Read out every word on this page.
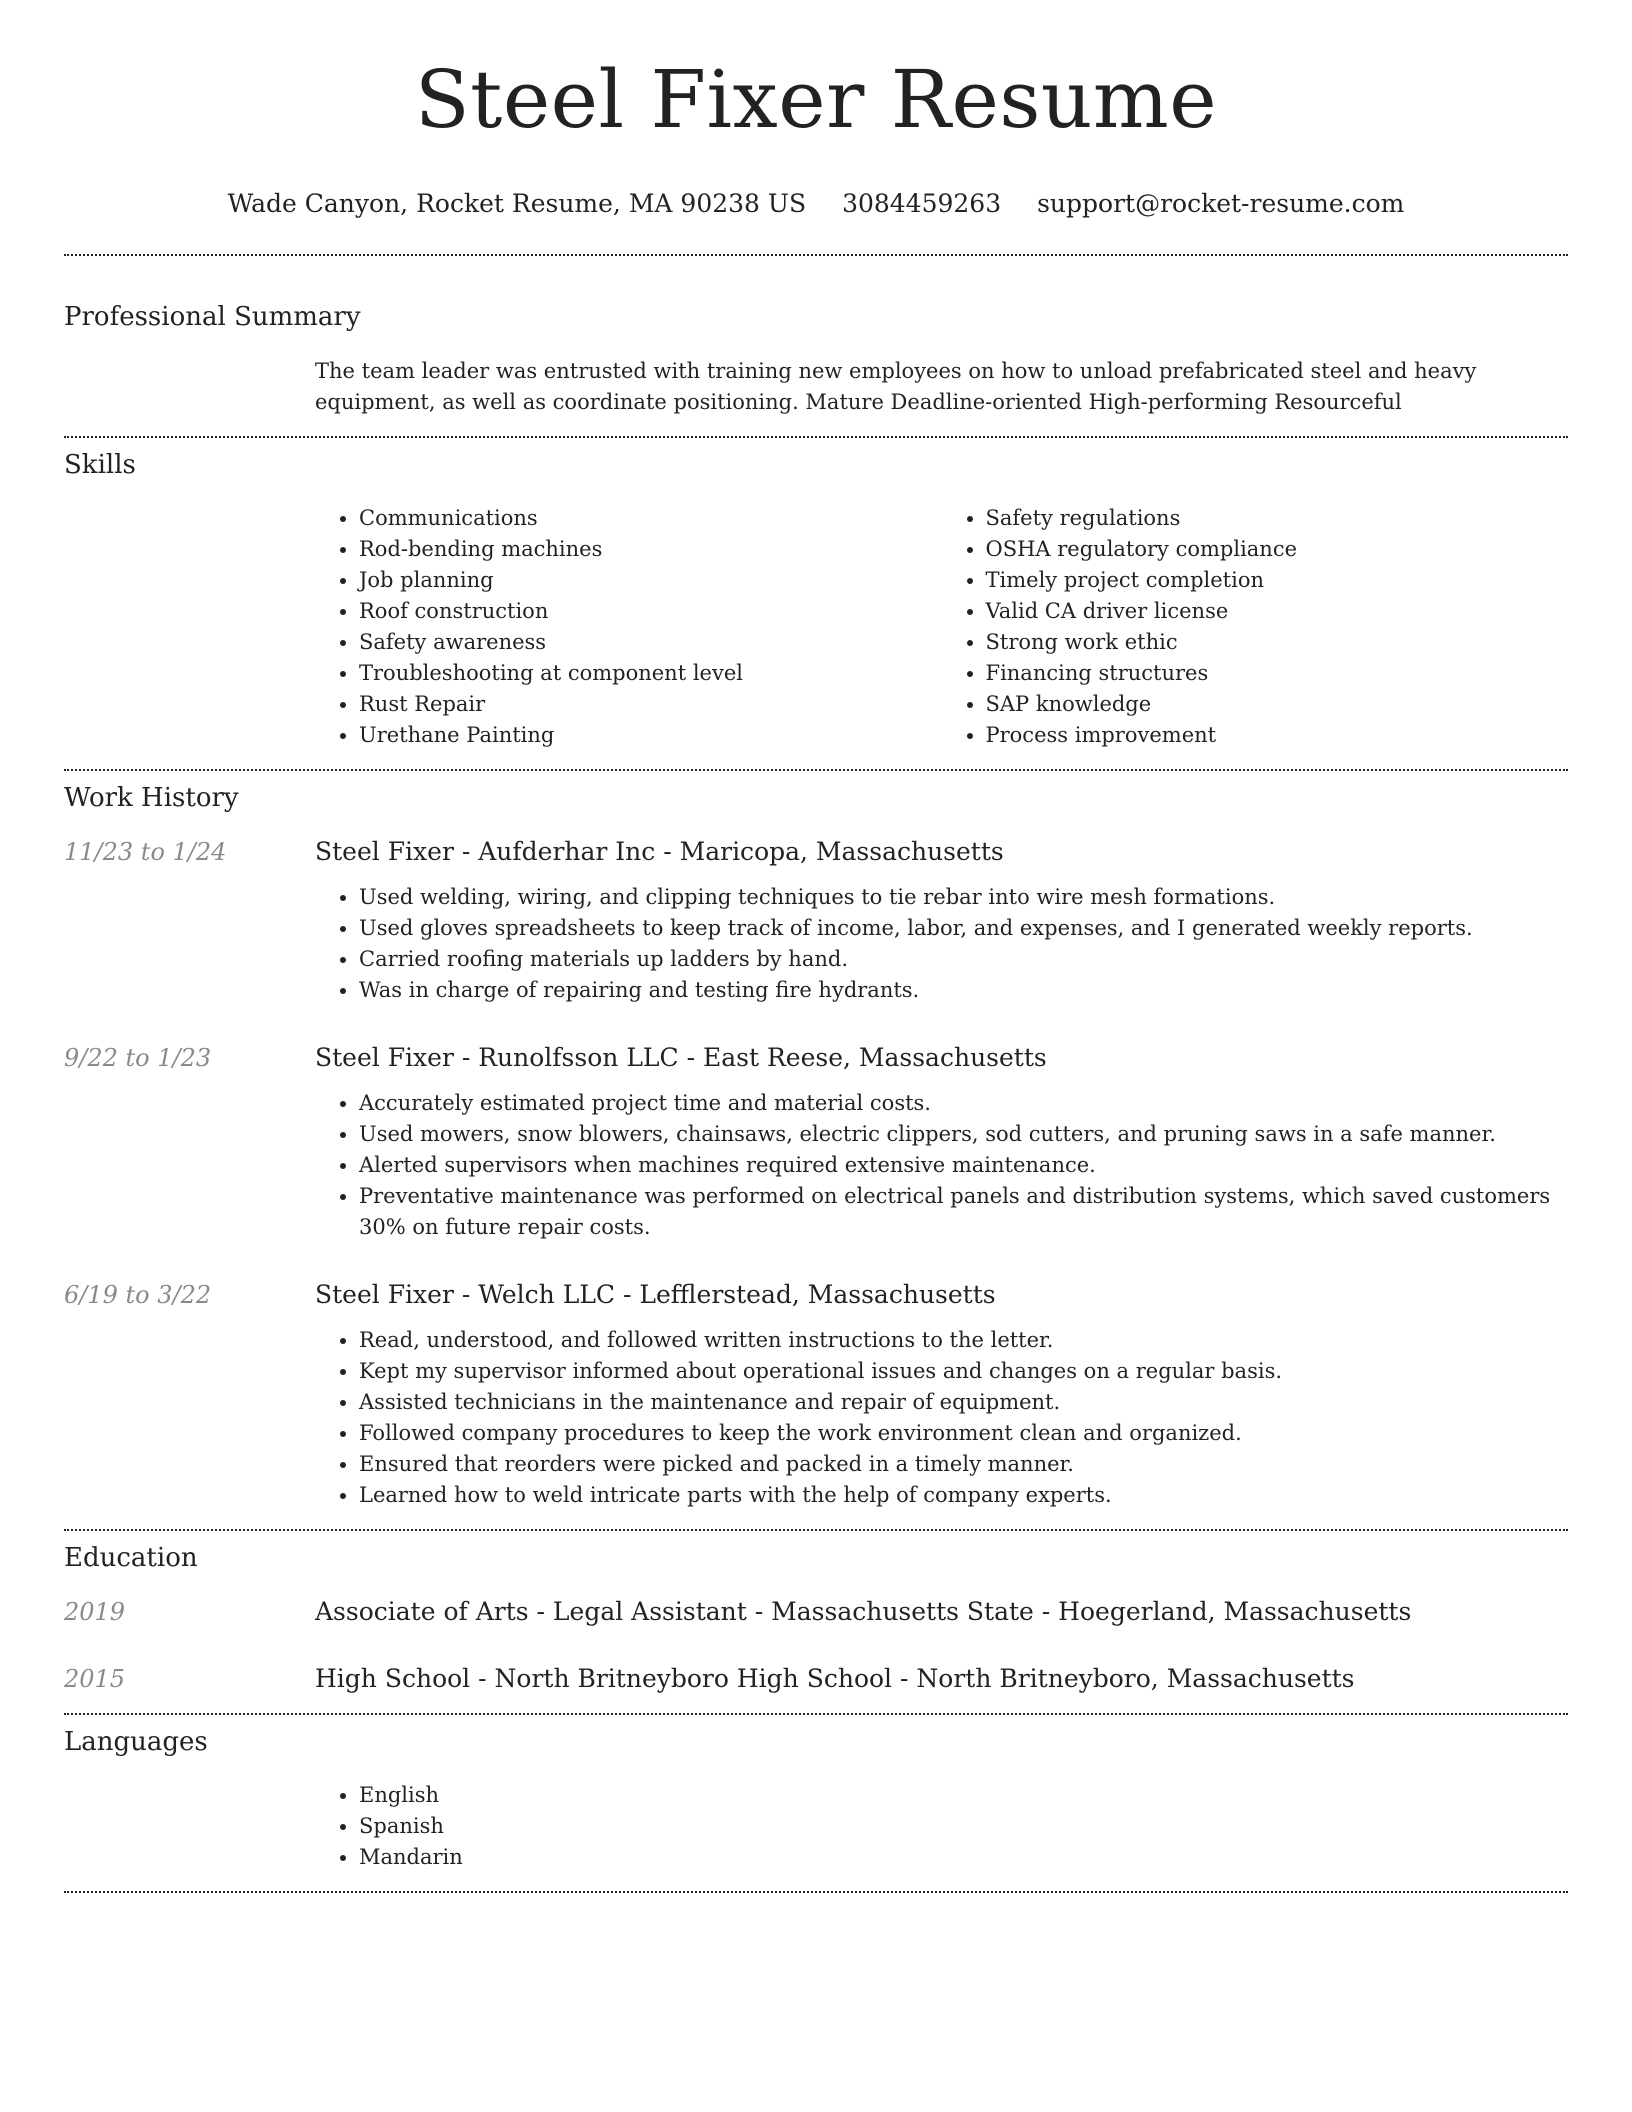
Steel Fixer Resume
Wade Canyon, Rocket Resume, MA 90238 US 3084459263 support@rocket-resume.com
Professional Summary
The team leader was entrusted with training new employees on how to unload prefabricated steel and heavy equipment, as well as coordinate positioning. Mature Deadline-oriented High-performing Resourceful
Skills
• Communications
• Rod-bending machines
• Job planning
• Roof construction
• Safety awareness
• Troubleshooting at component level
• Rust Repair
• Urethane Painting
• Safety regulations
• OSHA regulatory compliance
• Timely project completion
• Valid CA driver license
• Strong work ethic
• Financing structures
• SAP knowledge
• Process improvement
Work History
11/23 to 1/24	Steel Fixer - Aufderhar Inc - Maricopa, Massachusetts
• Used welding, wiring, and clipping techniques to tie rebar into wire mesh formations.
• Used gloves spreadsheets to keep track of income, labor, and expenses, and I generated weekly reports.
• Carried roofing materials up ladders by hand.
• Was in charge of repairing and testing fire hydrants.
9/22 to 1/23	Steel Fixer - Runolfsson LLC - East Reese, Massachusetts
• Accurately estimated project time and material costs.
• Used mowers, snow blowers, chainsaws, electric clippers, sod cutters, and pruning saws in a safe manner.
• Alerted supervisors when machines required extensive maintenance.
• Preventative maintenance was performed on electrical panels and distribution systems, which saved customers 30% on future repair costs.
6/19 to 3/22	Steel Fixer - Welch LLC - Lefflerstead, Massachusetts
• Read, understood, and followed written instructions to the letter.
• Kept my supervisor informed about operational issues and changes on a regular basis.
• Assisted technicians in the maintenance and repair of equipment.
• Followed company procedures to keep the work environment clean and organized.
• Ensured that reorders were picked and packed in a timely manner.
• Learned how to weld intricate parts with the help of company experts.
Education
2019	Associate of Arts - Legal Assistant - Massachusetts State - Hoegerland, Massachusetts
2015	High School - North Britneyboro High School - North Britneyboro, Massachusetts
Languages
• English
• Spanish
• Mandarin
